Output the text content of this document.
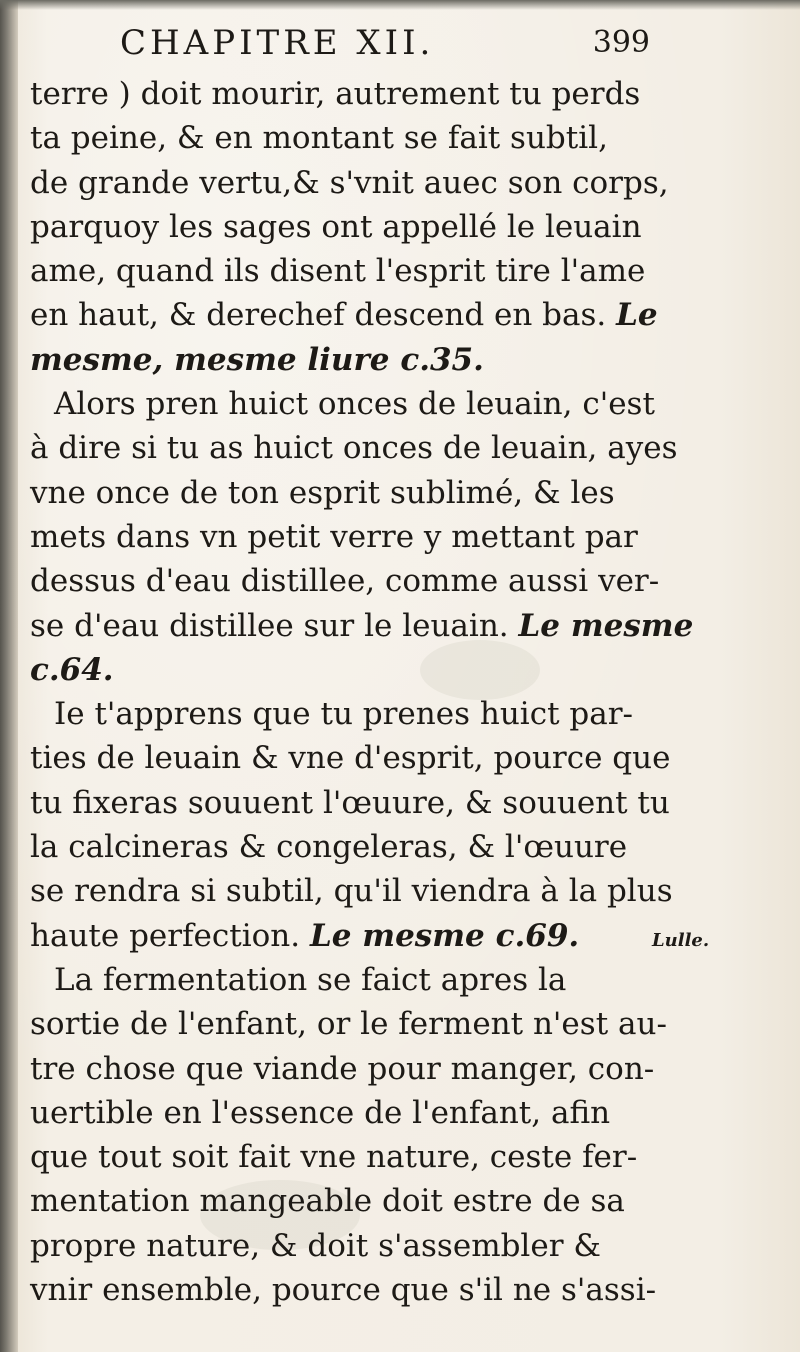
CHAPITRE XII.	399
terre ) doit mourir, autrement tu perds
ta peine, & en montant se fait subtil,
de grande vertu,& s'vnit auec son corps,
parquoy les sages ont appellé le leuain
ame, quand ils disent l'esprit tire l'ame
en haut, & derechef descend en bas. Le
mesme, mesme liure c.35.
Alors pren huict onces de leuain, c'est
à dire si tu as huict onces de leuain, ayes
vne once de ton esprit sublimé, & les
mets dans vn petit verre y mettant par
dessus d'eau distillee, comme aussi ver-
se d'eau distillee sur le leuain. Le mesme
c.64.
Ie t'apprens que tu prenes huict par-
ties de leuain & vne d'esprit, pource que
tu fixeras souuent l'œuure, & souuent tu
la calcineras & congeleras, & l'œuure
se rendra si subtil, qu'il viendra à la plus
haute perfection. Le mesme c.69.
La fermentation se faict apres la
sortie de l'enfant, or le ferment n'est au-
tre chose que viande pour manger, con-
uertible en l'essence de l'enfant, afin
que tout soit fait vne nature, ceste fer-
mentation mangeable doit estre de sa
propre nature, & doit s'assembler &
vnir ensemble, pource que s'il ne s'assi-
Lulle.
